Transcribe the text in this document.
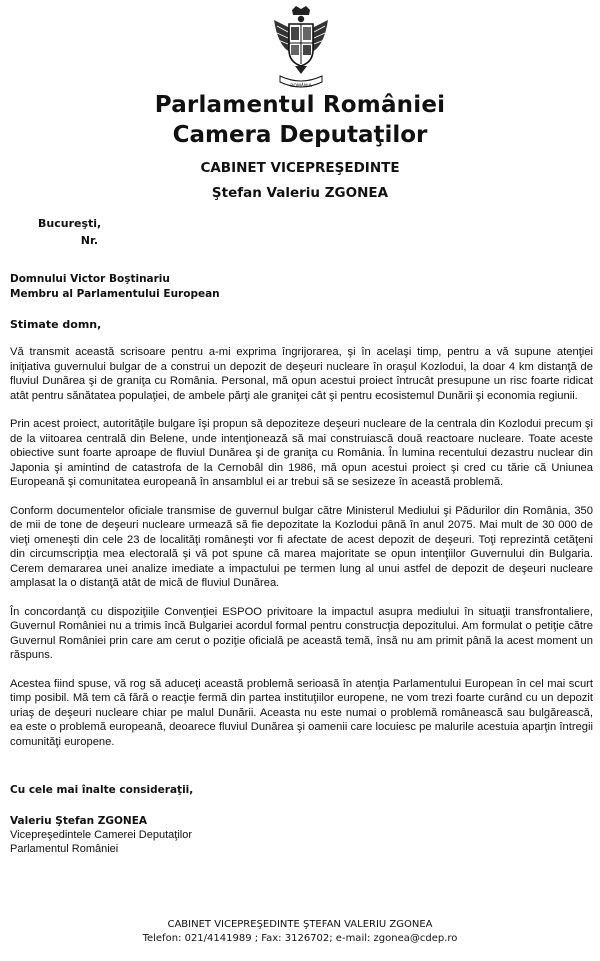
ROMÂNIA
Parlamentul României
Camera Deputaţilor
CABINET VICEPREŞEDINTE
Ştefan Valeriu ZGONEA
Bucureşti,
Nr.
Domnului Victor Boştinariu
Membru al Parlamentului European
Stimate domn,

Vă transmit această scrisoare pentru a-mi exprima îngrijorarea, şi în acelaşi timp, pentru a vă supune atenţiei iniţiativa guvernului bulgar de a construi un depozit de deşeuri nucleare în oraşul Kozlodui, la doar 4 km distanţă de fluviul Dunărea şi de graniţa cu România. Personal, mă opun acestui proiect întrucât presupune un risc foarte ridicat atât pentru sănătatea populaţiei, de ambele părţi ale graniţei cât şi pentru ecosistemul Dunării şi economia regiunii.

Prin acest proiect, autorităţile bulgare îşi propun să depoziteze deşeuri nucleare de la centrala din Kozlodui precum şi de la viitoarea centrală din Belene, unde intenţionează să mai construiască două reactoare nucleare. Toate aceste obiective sunt foarte aproape de fluviul Dunărea şi de graniţa cu România. În lumina recentului dezastru nuclear din Japonia şi amintind de catastrofa de la Cernobâl din 1986, mă opun acestui proiect şi cred cu tărie că Uniunea Europeană şi comunitatea europeană în ansamblul ei ar trebui să se sesizeze în această problemă.

Conform documentelor oficiale transmise de guvernul bulgar către Ministerul Mediului şi Pădurilor din România, 350 de mii de tone de deşeuri nucleare urmează să fie depozitate la Kozlodui până în anul 2075. Mai mult de 30 000 de vieţi omeneşti din cele 23 de localităţi româneşti vor fi afectate de acest depozit de deşeuri. Toţi reprezintă cetăţeni din circumscripţia mea electorală şi vă pot spune că marea majoritate se opun intenţiilor Guvernului din Bulgaria. Cerem demararea unei analize imediate a impactului pe termen lung al unui astfel de depozit de deşeuri nucleare amplasat la o distanţă atât de mică de fluviul Dunărea.

În concordanţă cu dispoziţiile Convenţiei ESPOO privitoare la impactul asupra mediului în situaţii transfrontaliere, Guvernul României nu a trimis încă Bulgariei acordul formal pentru construcţia depozitului. Am formulat o petiţie către Guvernul României prin care am cerut o poziţie oficială pe această temă, însă nu am primit până la acest moment un răspuns.

Acestea fiind spuse, vă rog să aduceţi această problemă serioasă în atenţia Parlamentului European în cel mai scurt timp posibil. Mă tem că fără o reacţie fermă din partea instituţiilor europene, ne vom trezi foarte curând cu un depozit uriaş de deşeuri nucleare chiar pe malul Dunării. Aceasta nu este numai o problemă românească sau bulgărească, ea este o problemă europeană, deoarece fluviul Dunărea şi oamenii care locuiesc pe malurile acestuia aparţin întregii comunităţi europene.

Cu cele mai înalte consideraţii,
Valeriu Ştefan ZGONEA
Vicepreşedintele Camerei Deputaţilor
Parlamentul României
CABINET VICEPREŞEDINTE ŞTEFAN VALERIU ZGONEA
Telefon: 021/4141989 ; Fax: 3126702; e-mail: zgonea@cdep.ro
